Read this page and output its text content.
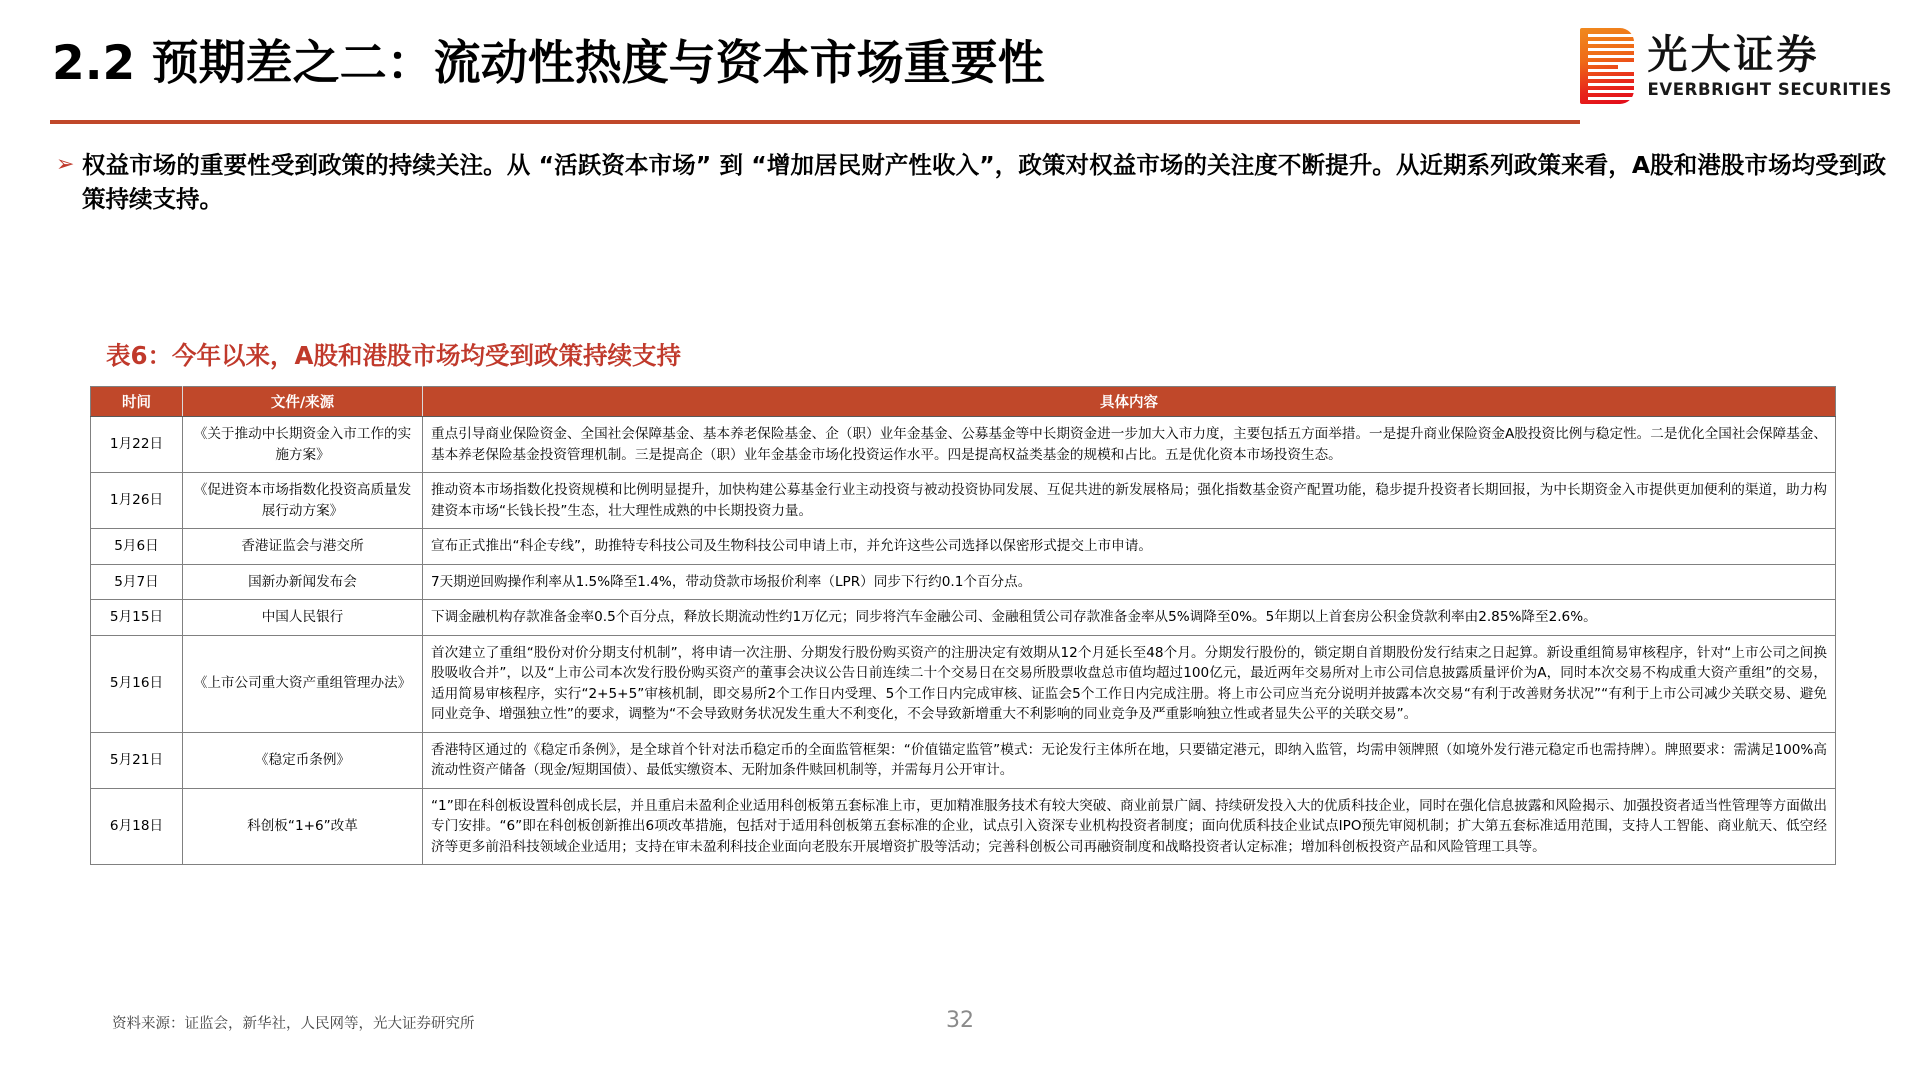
2.2 预期差之二：流动性热度与资本市场重要性	光大证券
EVERBRIGHT SECURITIES
➢ 权益市场的重要性受到政策的持续关注。从 “活跃资本市场” 到 “增加居民财产性收入”，政策对权益市场的关注度不断提升。从近期系列政策来看，A股和港股市场均受到政策持续支持。
表6：今年以来，A股和港股市场均受到政策持续支持
时间	文件/来源	具体内容
1月22日	《关于推动中长期资金入市工作的实施方案》	重点引导商业保险资金、全国社会保障基金、基本养老保险基金、企（职）业年金基金、公募基金等中长期资金进一步加大入市力度，主要包括五方面举措。一是提升商业保险资金A股投资比例与稳定性。二是优化全国社会保障基金、基本养老保险基金投资管理机制。三是提高企（职）业年金基金市场化投资运作水平。四是提高权益类基金的规模和占比。五是优化资本市场投资生态。
1月26日	《促进资本市场指数化投资高质量发展行动方案》	推动资本市场指数化投资规模和比例明显提升，加快构建公募基金行业主动投资与被动投资协同发展、互促共进的新发展格局；强化指数基金资产配置功能，稳步提升投资者长期回报，为中长期资金入市提供更加便利的渠道，助力构建资本市场“长钱长投”生态，壮大理性成熟的中长期投资力量。
5月6日	香港证监会与港交所	宣布正式推出“科企专线”，助推特专科技公司及生物科技公司申请上市，并允许这些公司选择以保密形式提交上市申请。
5月7日	国新办新闻发布会	7天期逆回购操作利率从1.5%降至1.4%，带动贷款市场报价利率（LPR）同步下行约0.1个百分点。
5月15日	中国人民银行	下调金融机构存款准备金率0.5个百分点，释放长期流动性约1万亿元；同步将汽车金融公司、金融租赁公司存款准备金率从5%调降至0%。5年期以上首套房公积金贷款利率由2.85%降至2.6%。
5月16日	《上市公司重大资产重组管理办法》	首次建立了重组“股份对价分期支付机制”，将申请一次注册、分期发行股份购买资产的注册决定有效期从12个月延长至48个月。分期发行股份的，锁定期自首期股份发行结束之日起算。新设重组简易审核程序，针对“上市公司之间换股吸收合并”，以及“上市公司本次发行股份购买资产的董事会决议公告日前连续二十个交易日在交易所股票收盘总市值均超过100亿元，最近两年交易所对上市公司信息披露质量评价为A，同时本次交易不构成重大资产重组”的交易，适用简易审核程序，实行“2+5+5”审核机制，即交易所2个工作日内受理、5个工作日内完成审核、证监会5个工作日内完成注册。将上市公司应当充分说明并披露本次交易“有利于改善财务状况”“有利于上市公司减少关联交易、避免同业竞争、增强独立性”的要求，调整为“不会导致财务状况发生重大不利变化，不会导致新增重大不利影响的同业竞争及严重影响独立性或者显失公平的关联交易”。
5月21日	《稳定币条例》	香港特区通过的《稳定币条例》，是全球首个针对法币稳定币的全面监管框架：“价值锚定监管”模式：无论发行主体所在地，只要锚定港元，即纳入监管，均需申领牌照（如境外发行港元稳定币也需持牌）。牌照要求：需满足100%高流动性资产储备（现金/短期国债）、最低实缴资本、无附加条件赎回机制等，并需每月公开审计。
6月18日	科创板“1+6”改革	“1”即在科创板设置科创成长层，并且重启未盈利企业适用科创板第五套标准上市，更加精准服务技术有较大突破、商业前景广阔、持续研发投入大的优质科技企业，同时在强化信息披露和风险揭示、加强投资者适当性管理等方面做出专门安排。“6”即在科创板创新推出6项改革措施，包括对于适用科创板第五套标准的企业，试点引入资深专业机构投资者制度；面向优质科技企业试点IPO预先审阅机制；扩大第五套标准适用范围，支持人工智能、商业航天、低空经济等更多前沿科技领域企业适用；支持在审未盈利科技企业面向老股东开展增资扩股等活动；完善科创板公司再融资制度和战略投资者认定标准；增加科创板投资产品和风险管理工具等。
资料来源：证监会，新华社，人民网等，光大证券研究所	32
